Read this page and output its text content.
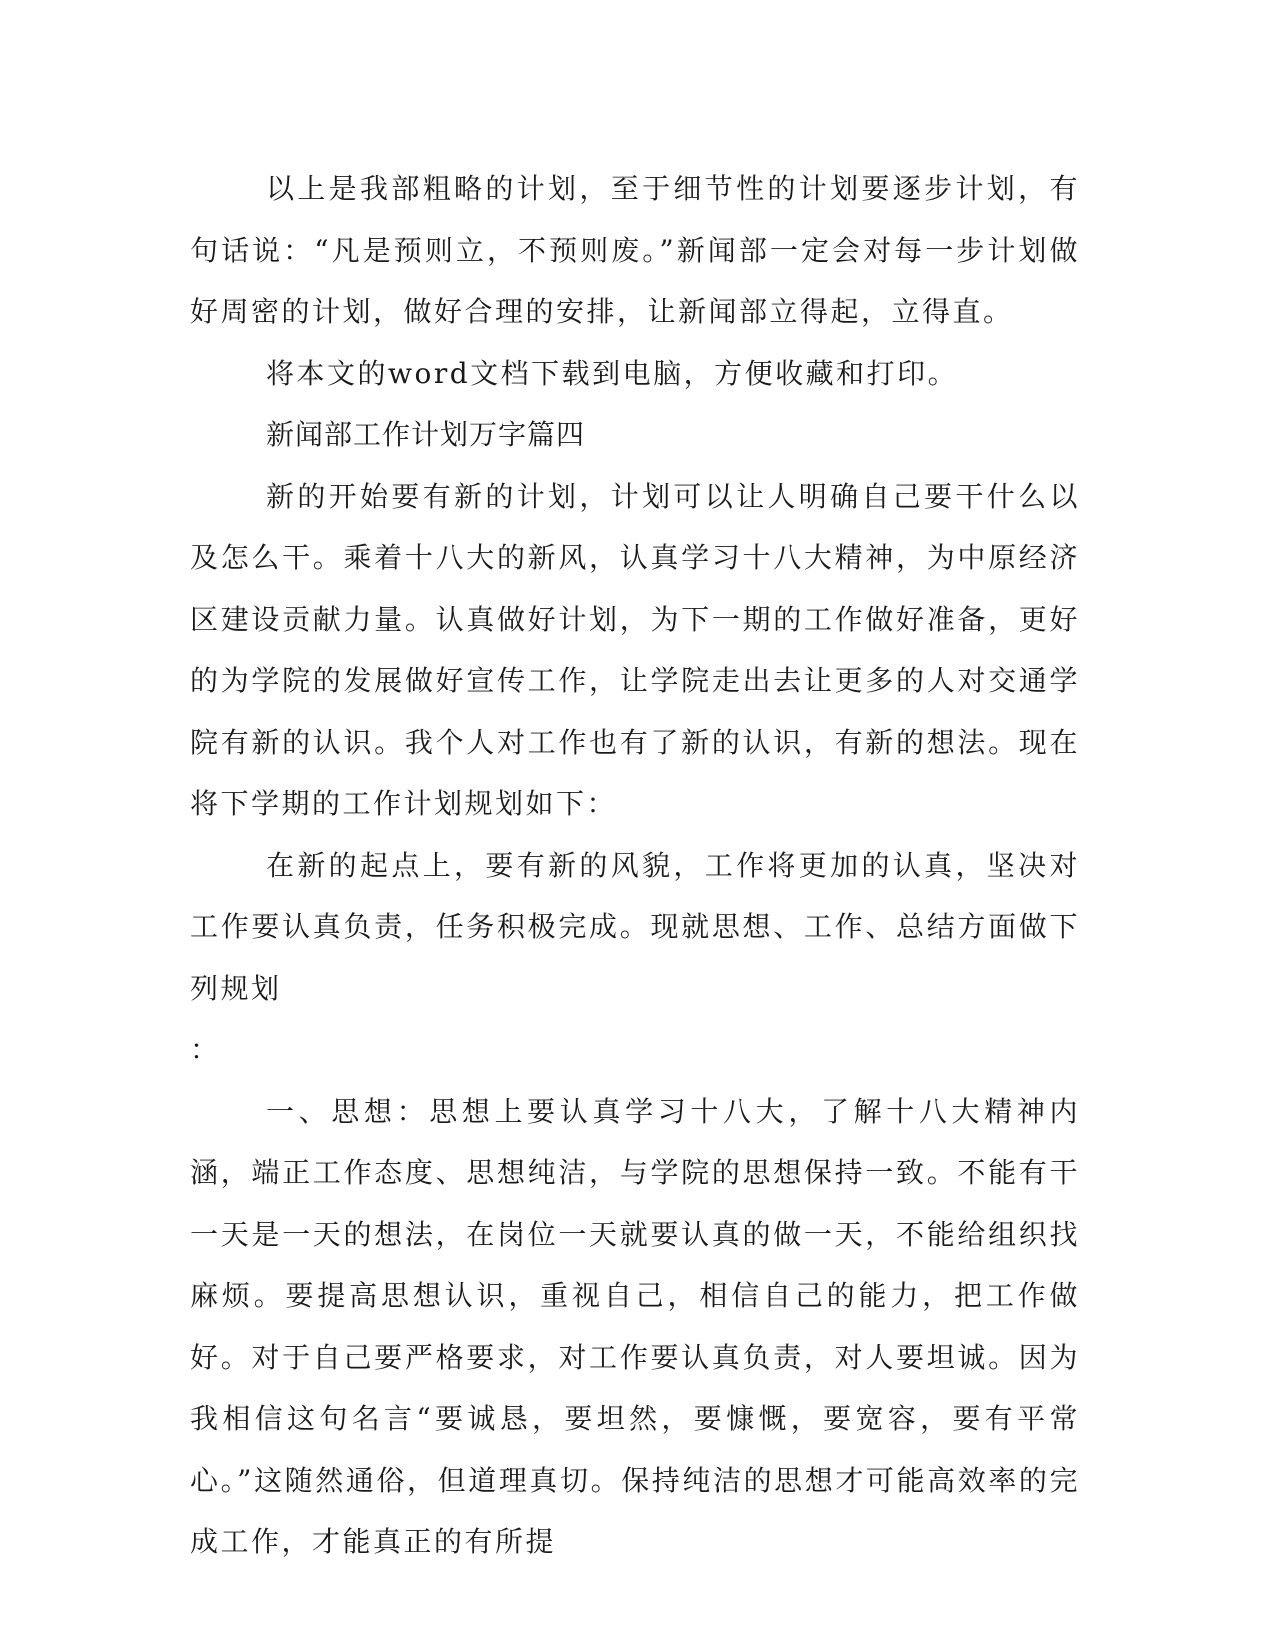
以上是我部粗略的计划，至于细节性的计划要逐步计划，有句话说：“凡是预则立，不预则废。”新闻部一定会对每一步计划做好周密的计划，做好合理的安排，让新闻部立得起，立得直。

将本文的word文档下载到电脑，方便收藏和打印。

新闻部工作计划万字篇四

新的开始要有新的计划，计划可以让人明确自己要干什么以及怎么干。乘着十八大的新风，认真学习十八大精神，为中原经济区建设贡献力量。认真做好计划，为下一期的工作做好准备，更好的为学院的发展做好宣传工作，让学院走出去让更多的人对交通学院有新的认识。我个人对工作也有了新的认识，有新的想法。现在将下学期的工作计划规划如下：

在新的起点上，要有新的风貌，工作将更加的认真，坚决对工作要认真负责，任务积极完成。现就思想、工作、总结方面做下列规划

：

一、思想：思想上要认真学习十八大，了解十八大精神内涵，端正工作态度、思想纯洁，与学院的思想保持一致。不能有干一天是一天的想法，在岗位一天就要认真的做一天，不能给组织找麻烦。要提高思想认识，重视自己，相信自己的能力，把工作做好。对于自己要严格要求，对工作要认真负责，对人要坦诚。因为我相信这句名言“要诚恳，要坦然，要慷慨，要宽容，要有平常心。”这随然通俗，但道理真切。保持纯洁的思想才可能高效率的完成工作，才能真正的有所提
